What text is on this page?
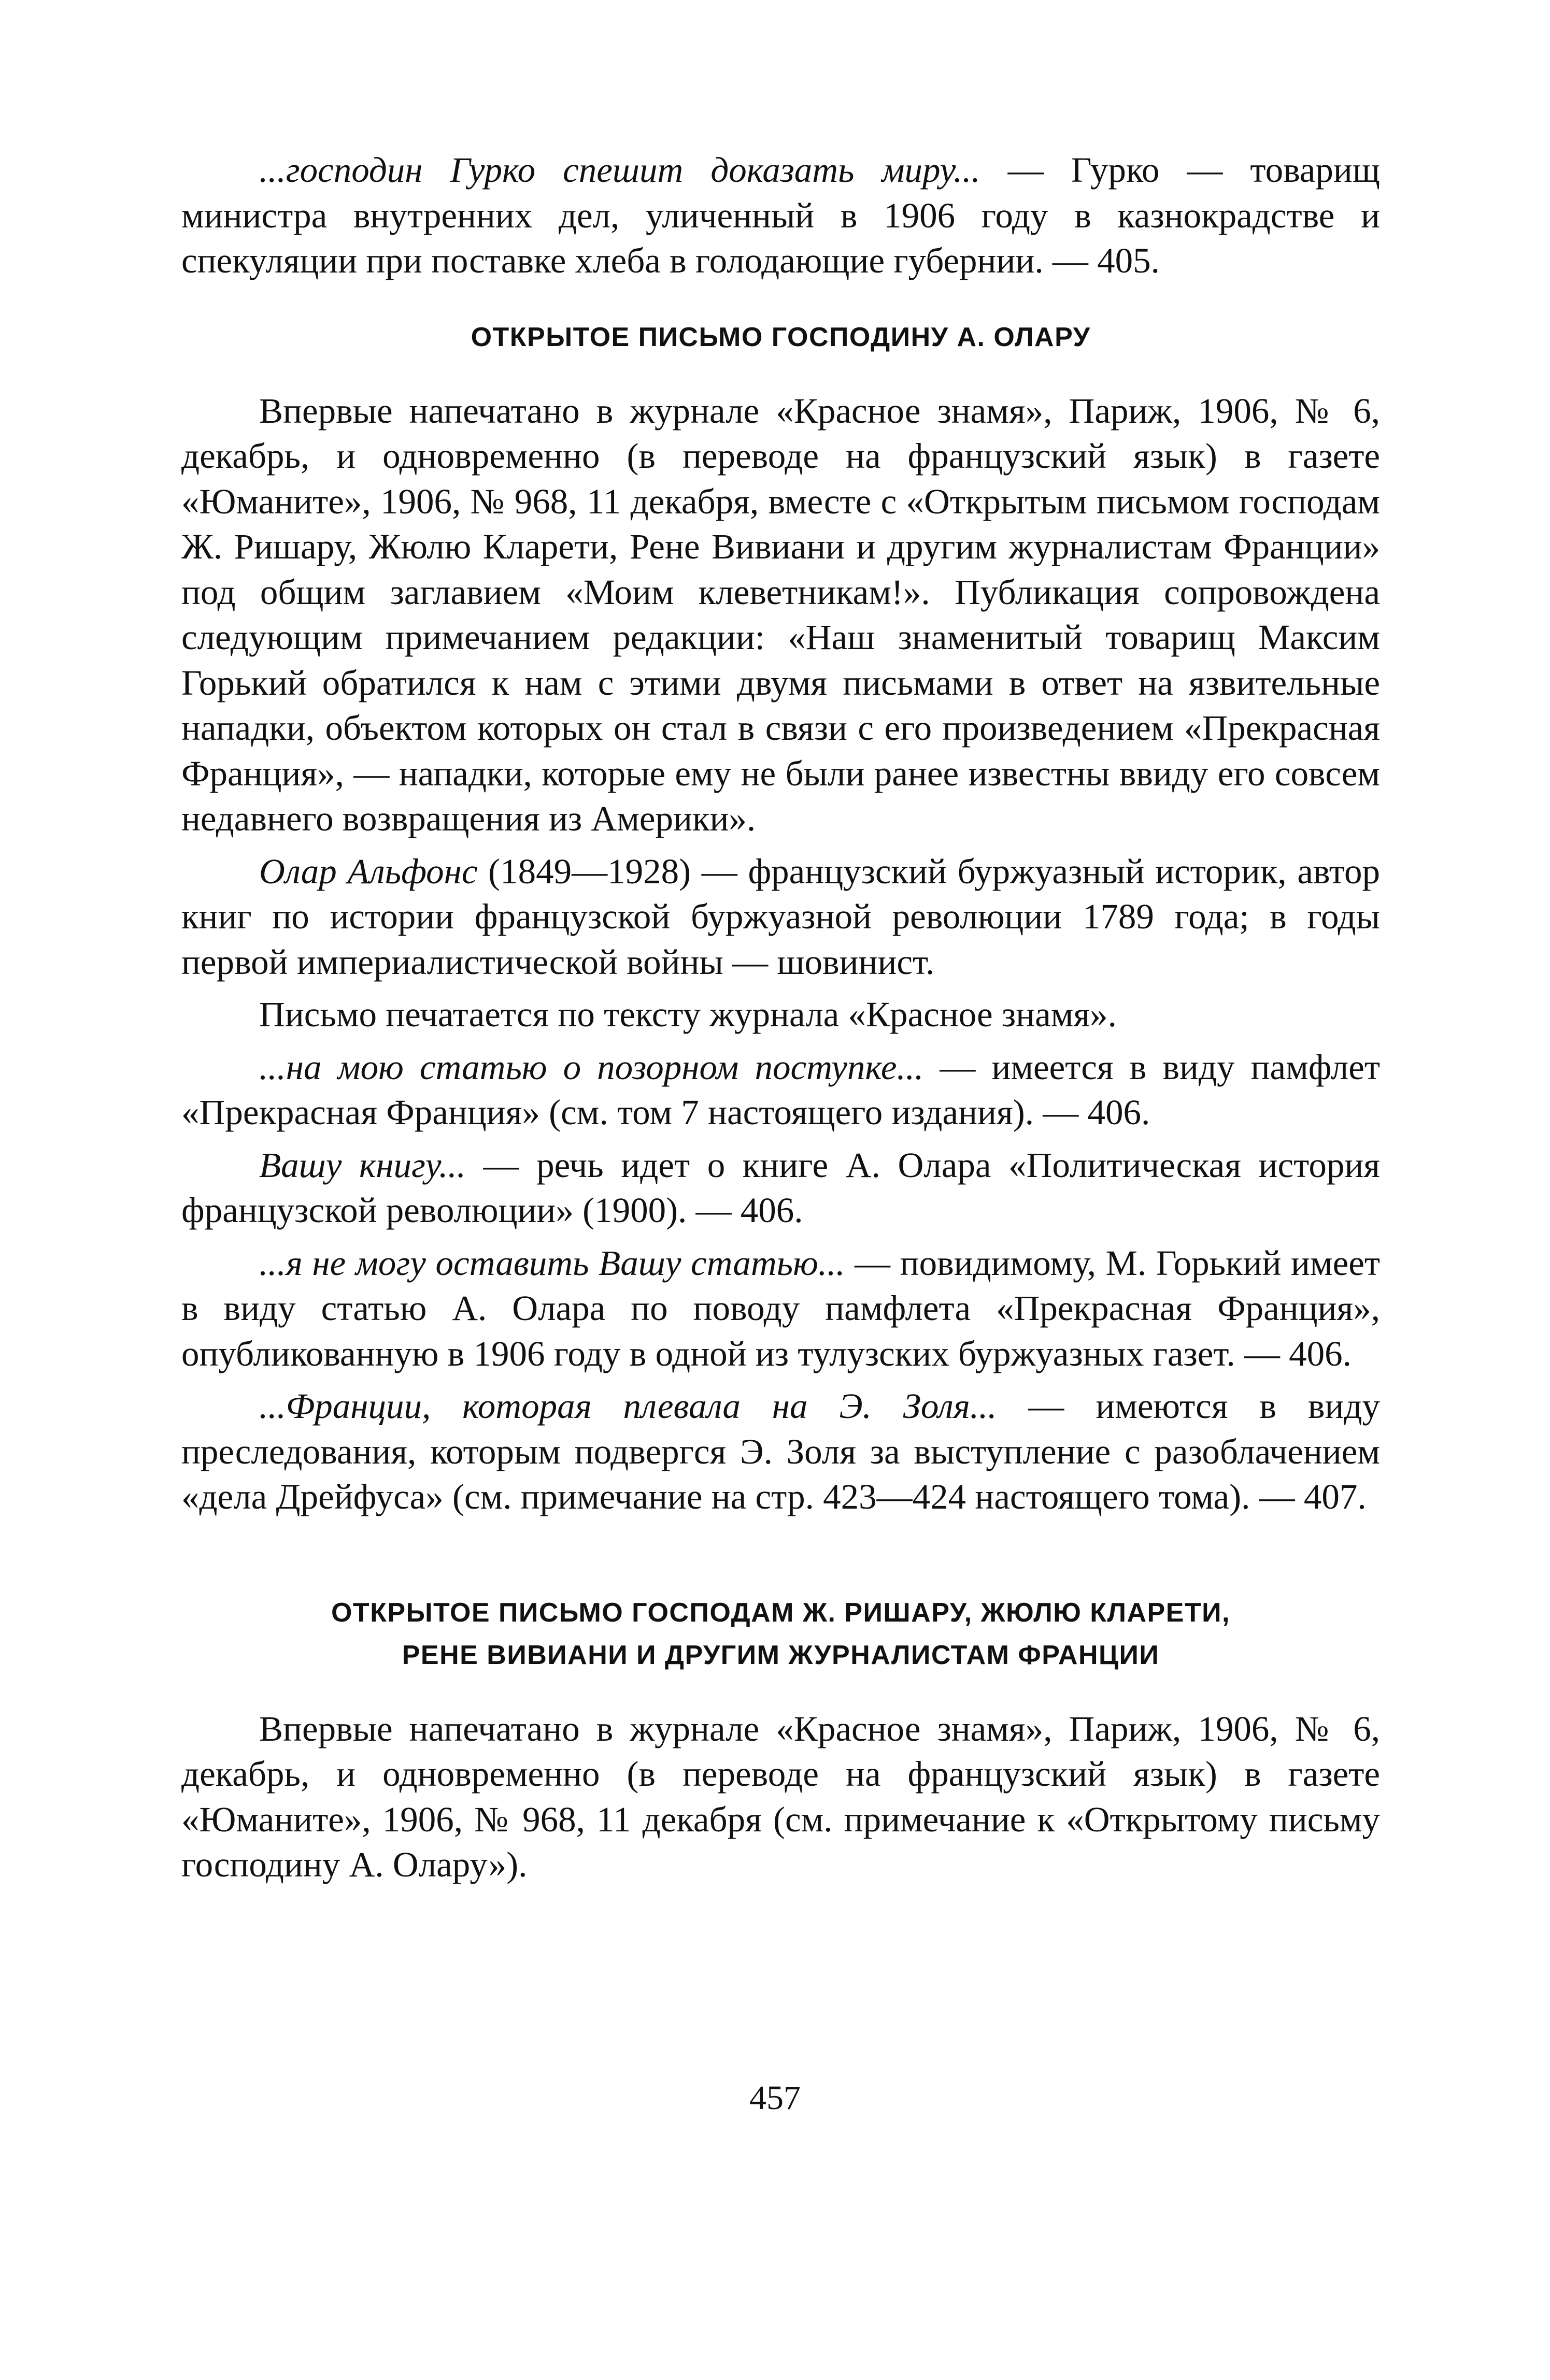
...господин Гурко спешит доказать миру... — Гурко — товарищ министра внутренних дел, уличенный в 1906 году в казнокрадстве и спекуляции при поставке хлеба в голодающие губернии. — 405.

ОТКРЫТОЕ ПИСЬМО ГОСПОДИНУ А. ОЛАРУ

Впервые напечатано в журнале «Красное знамя», Париж, 1906, № 6, декабрь, и одновременно (в переводе на французский язык) в газете «Юманите», 1906, № 968, 11 декабря, вместе с «Открытым письмом господам Ж. Ришару, Жюлю Кларети, Рене Вивиани и другим журналистам Франции» под общим заглавием «Моим клеветникам!». Публикация сопровождена следующим примечанием редакции: «Наш знаменитый товарищ Максим Горький обратился к нам с этими двумя письмами в ответ на язвительные нападки, объектом которых он стал в связи с его произведением «Прекрасная Франция», — нападки, которые ему не были ранее известны ввиду его совсем недавнего возвращения из Америки».

Олар Альфонс (1849—1928) — французский буржуазный историк, автор книг по истории французской буржуазной революции 1789 года; в годы первой империалистической войны — шовинист.

Письмо печатается по тексту журнала «Красное знамя».

...на мою статью о позорном поступке... — имеется в виду памфлет «Прекрасная Франция» (см. том 7 настоящего издания). — 406.

Вашу книгу... — речь идет о книге А. Олара «Политическая история французской революции» (1900). — 406.

...я не могу оставить Вашу статью... — повидимому, М. Горький имеет в виду статью А. Олара по поводу памфлета «Прекрасная Франция», опубликованную в 1906 году в одной из тулузских буржуазных газет. — 406.

...Франции, которая плевала на Э. Золя... — имеются в виду преследования, которым подвергся Э. Золя за выступление с разоблачением «дела Дрейфуса» (см. примечание на стр. 423—424 настоящего тома). — 407.

ОТКРЫТОЕ ПИСЬМО ГОСПОДАМ Ж. РИШАРУ, ЖЮЛЮ КЛАРЕТИ,
РЕНЕ ВИВИАНИ И ДРУГИМ ЖУРНАЛИСТАМ ФРАНЦИИ

Впервые напечатано в журнале «Красное знамя», Париж, 1906, № 6, декабрь, и одновременно (в переводе на французский язык) в газете «Юманите», 1906, № 968, 11 декабря (см. примечание к «Открытому письму господину А. Олару»).

457
